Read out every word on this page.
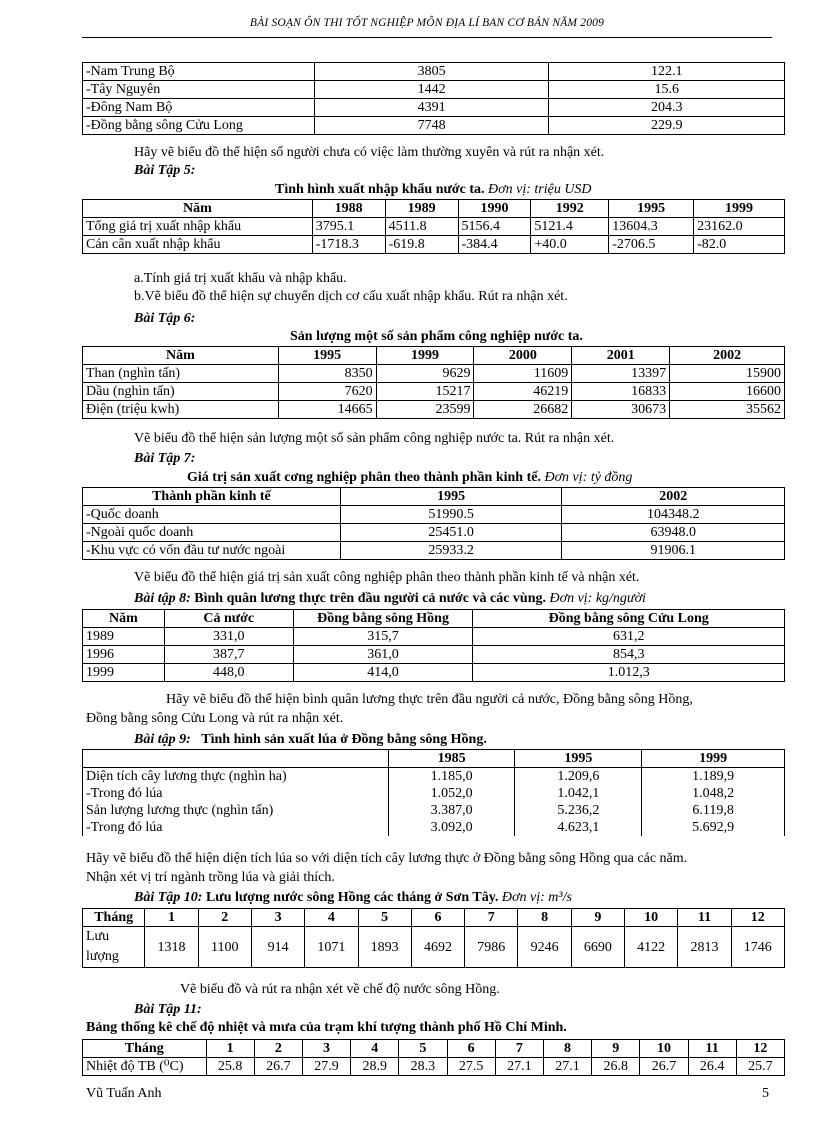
BÀI SOẠN ÔN THI TỐT NGHIỆP MÔN ĐỊA LÍ BAN CƠ BẢN NĂM 2009
-Nam Trung Bộ	3805	122.1
-Tây Nguyên	1442	15.6
-Đông Nam Bộ	4391	204.3
-Đồng bằng sông Cửu Long	7748	229.9
Hãy vẽ biểu đồ thể hiện số người chưa có việc làm thường xuyên và rút ra nhận xét.
Bài Tập 5:
Tình hình xuất nhập khẩu nước ta. Đơn vị: triệu USD
Năm	1988	1989	1990	1992	1995	1999
Tổng giá trị xuất nhập khẩu	3795.1	4511.8	5156.4	5121.4	13604.3	23162.0
Cán cân xuất nhập khẩu	-1718.3	-619.8	-384.4	+40.0	-2706.5	-82.0
a.Tính giá trị xuất khẩu và nhập khẩu.
b.Vẽ biểu đồ thể hiện sự chuyển dịch cơ cấu xuất nhập khẩu. Rút ra nhận xét.
Bài Tập 6:
Sản lượng một số sản phẩm công nghiệp nước ta.
Năm	1995	1999	2000	2001	2002
Than (nghìn tấn)	8350	9629	11609	13397	15900
Dầu (nghìn tấn)	7620	15217	46219	16833	16600
Điện (triệu kwh)	14665	23599	26682	30673	35562
Vẽ biểu đồ thể hiện sản lượng một số sản phẩm công nghiệp nước ta. Rút ra nhận xét.
Bài Tập 7:
Giá trị sản xuất cơng nghiệp phân theo thành phần kinh tế. Đơn vị: tỷ đồng
Thành phần kinh tế	1995	2002
-Quốc doanh	51990.5	104348.2
-Ngoài quốc doanh	25451.0	63948.0
-Khu vực có vốn đầu tư nước ngoài	25933.2	91906.1
Vẽ biểu đồ thể hiện giá trị sản xuất công nghiệp phân theo thành phần kinh tế và nhận xét.
Bài tập 8: Bình quân lương thực trên đầu người cả nước và các vùng. Đơn vị: kg/người
Năm	Cả nước	Đồng bằng sông Hồng	Đồng bằng sông Cửu Long
1989	331,0	315,7	631,2
1996	387,7	361,0	854,3
1999	448,0	414,0	1.012,3
Hãy vẽ biểu đồ thể hiện bình quân lương thực trên đầu người cả nước, Đồng bằng sông Hồng,
Đồng bằng sông Cửu Long và rút ra nhận xét.
Bài tập 9: Tình hình sản xuất lúa ở Đồng bằng sông Hồng.
	1985	1995	1999
Diện tích cây lương thực (nghìn ha)	1.185,0	1.209,6	1.189,9
-Trong đó lúa	1.052,0	1.042,1	1.048,2
Sản lượng lương thực (nghìn tấn)	3.387,0	5.236,2	6.119,8
-Trong đó lúa	3.092,0	4.623,1	5.692,9
Hãy vẽ biểu đồ thể hiện diện tích lúa so với diện tích cây lương thực ở Đồng bằng sông Hồng qua các năm.
Nhận xét vị trí ngành trồng lúa và giải thích.
Bài Tập 10: Lưu lượng nước sông Hồng các tháng ở Sơn Tây. Đơn vị: m³/s
Tháng	1	2	3	4	5	6	7	8	9	10	11	12

Lưu
lượng	1318	1100	914	1071	1893	4692	7986	9246	6690	4122	2813	1746
Vẽ biểu đồ và rút ra nhận xét về chế độ nước sông Hồng.
Bài Tập 11:
Bảng thống kê chế độ nhiệt và mưa của trạm khí tượng thành phố Hồ Chí Minh.
Tháng	1	2	3	4	5	6	7	8	9	10	11	12
Nhiệt độ TB (⁰C)	25.8	26.7	27.9	28.9	28.3	27.5	27.1	27.1	26.8	26.7	26.4	25.7
Vũ Tuấn Anh	5
